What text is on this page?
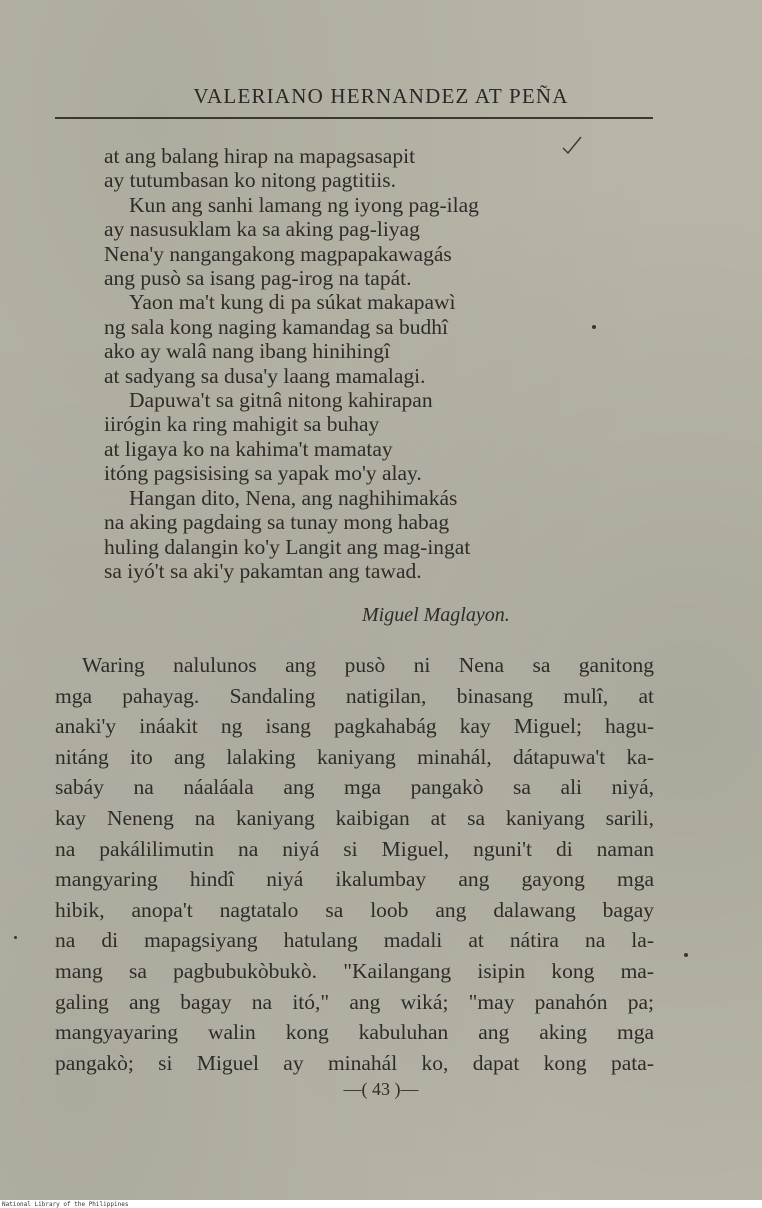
VALERIANO HERNANDEZ AT PEÑA
at ang balang hirap na mapagsasapit
ay tutumbasan ko nitong pagtitiis.
Kun ang sanhi lamang ng iyong pag-ilag
ay nasusuklam ka sa aking pag-liyag
Nena'y nangangakong magpapakawagás
ang pusò sa isang pag-irog na tapát.
Yaon ma't kung di pa súkat makapawì
ng sala kong naging kamandag sa budhî
ako ay walâ nang ibang hinihingî
at sadyang sa dusa'y laang mamalagi.
Dapuwa't sa gitnâ nitong kahirapan
iirógin ka ring mahigit sa buhay
at ligaya ko na kahima't mamatay
itóng pagsisising sa yapak mo'y alay.
Hangan dito, Nena, ang naghihimakás
na aking pagdaing sa tunay mong habag
huling dalangin ko'y Langit ang mag-ingat
sa iyó't sa aki'y pakamtan ang tawad.
Miguel Maglayon.
Waring nalulunos ang pusò ni Nena sa ganitong
mga pahayag. Sandaling natigilan, binasang mulî, at
anaki'y ináakit ng isang pagkahabág kay Miguel; hagu-
nitáng ito ang lalaking kaniyang minahál, dátapuwa't ka-
sabáy na náaláala ang mga pangakò sa ali niyá,
kay Neneng na kaniyang kaibigan at sa kaniyang sarili,
na pakálilimutin na niyá si Miguel, nguni't di naman
mangyaring hindî niyá ikalumbay ang gayong mga
hibik, anopa't nagtatalo sa loob ang dalawang bagay
na di mapagsiyang hatulang madali at nátira na la-
mang sa pagbubukòbukò. "Kailangang isipin kong ma-
galing ang bagay na itó," ang wiká; "may panahón pa;
mangyayaring walin kong kabuluhan ang aking mga
pangakò; si Miguel ay minahál ko, dapat kong pata-
—( 43 )—
National Library of the Philippines
